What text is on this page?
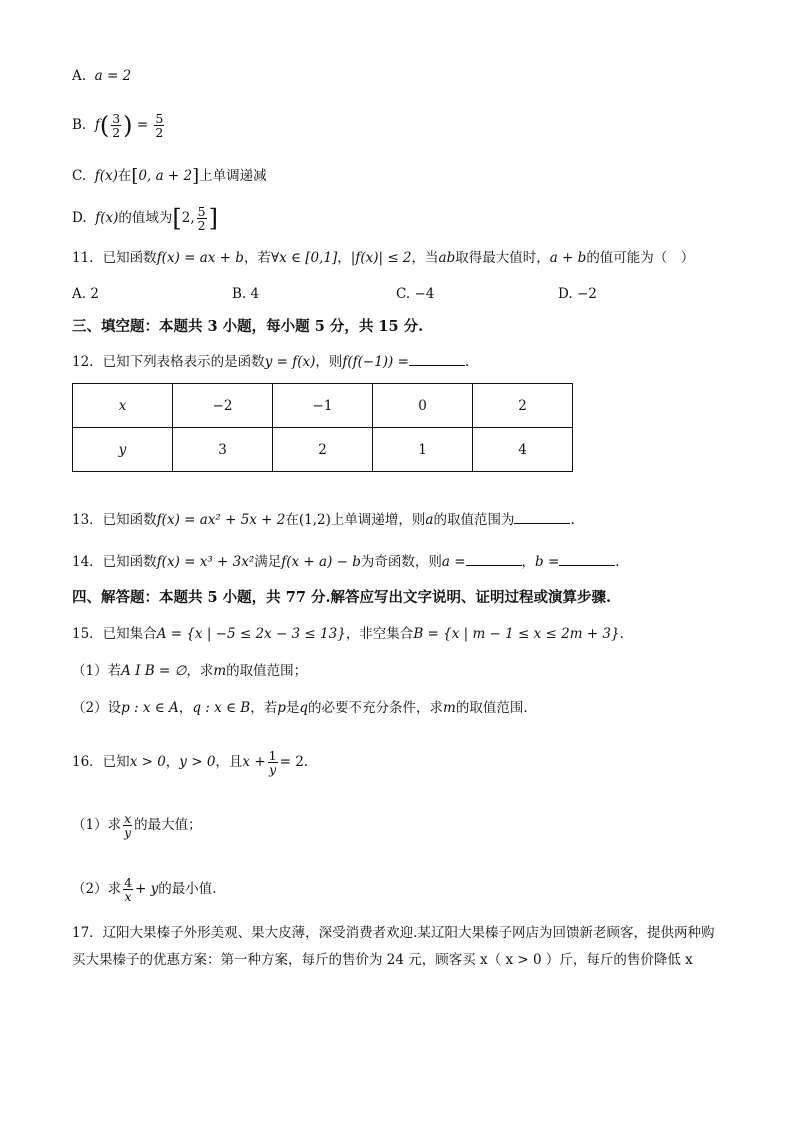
A. a = 2
B. $f( \frac{3}{2}$ ) = $\frac{5}{2}$
C. f(x)在[0, a + 2]上单调递减
D. f(x)的值域为[2, $\frac{5}{2}$ ]
11．已知函数f(x) = ax + b，若∀x ∈ [0,1]，|f(x)| ≤ 2，当ab取得最大值时，a + b的值可能为（　）
A. 2	B. 4	C. −4	D. −2
三、填空题：本题共 3 小题，每小题 5 分，共 15 分.
12．已知下列表格表示的是函数y = f(x)，则f(f(−1)) =	.
x	−2	−1	0	2
y	3	2	1	4
13．已知函数f(x) = ax² + 5x + 2在(1,2)上单调递增，则a的取值范围为	.
14．已知函数f(x) = x³ + 3x²满足f(x + a) − b为奇函数，则a =	，b =	.
四、解答题：本题共 5 小题，共 77 分.解答应写出文字说明、证明过程或演算步骤.
15．已知集合A = {x | −5 ≤ 2x − 3 ≤ 13}，非空集合B = {x | m − 1 ≤ x ≤ 2m + 3}.
（1）若A I B = ∅，求m的取值范围；
（2）设p : x ∈ A，q : x ∈ B，若p是q的必要不充分条件，求m的取值范围.
16．已知x > 0，y > 0，且$x + \frac{1}{y} = 2$.
（1）求 $\frac{x}{y}$ 的最大值；
（2）求 $\frac{4}{x} + y$的最小值.
17．辽阳大果榛子外形美观、果大皮薄，深受消费者欢迎.某辽阳大果榛子网店为回馈新老顾客，提供两种购买大果榛子的优惠方案：第一种方案，每斤的售价为 24 元，顾客买 x（ x > 0 ）斤，每斤的售价降低 x
